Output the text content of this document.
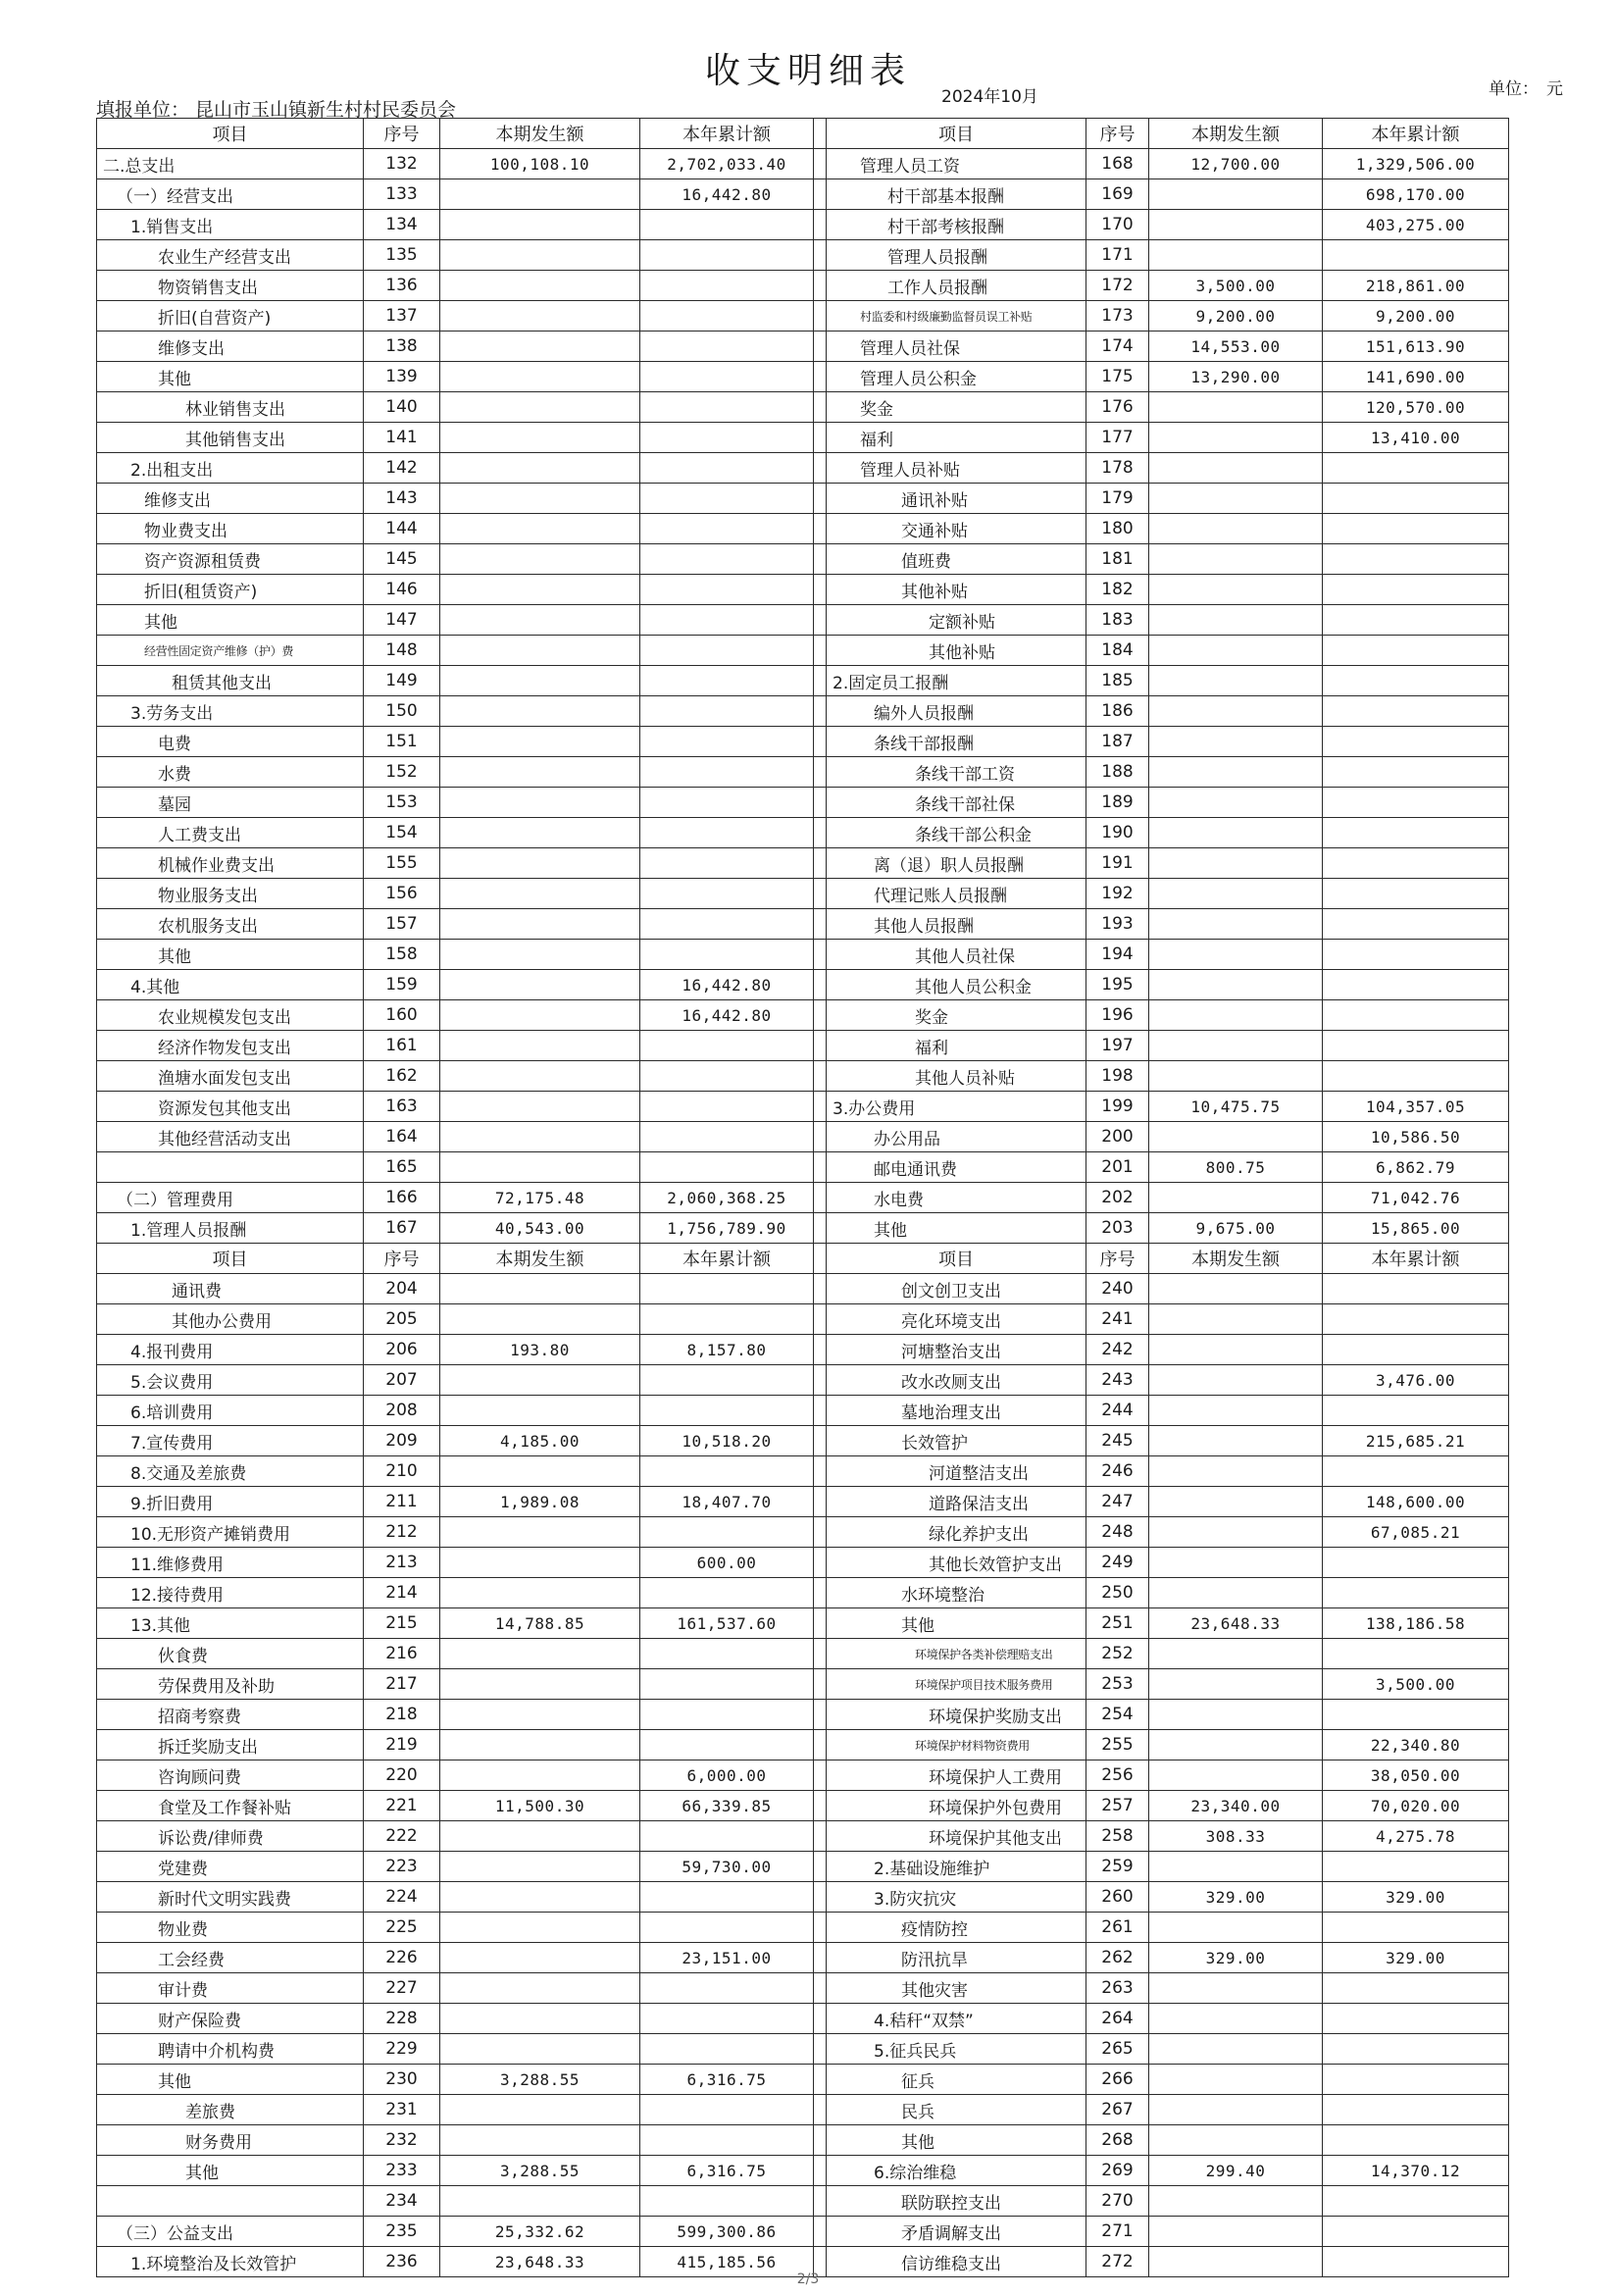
收支明细表
2024年10月	单位： 元
填报单位： 昆山市玉山镇新生村村民委员会
项目	序号	本期发生额	本年累计额		项目	序号	本期发生额	本年累计额
二.总支出	132	100,108.10	2,702,033.40		管理人员工资	168	12,700.00	1,329,506.00
（一）经营支出	133		16,442.80		村干部基本报酬	169		698,170.00
1.销售支出	134				村干部考核报酬	170		403,275.00
农业生产经营支出	135				管理人员报酬	171		
物资销售支出	136				工作人员报酬	172	3,500.00	218,861.00
折旧(自营资产)	137				村监委和村级廉勤监督员误工补贴	173	9,200.00	9,200.00
维修支出	138				管理人员社保	174	14,553.00	151,613.90
其他	139				管理人员公积金	175	13,290.00	141,690.00
林业销售支出	140				奖金	176		120,570.00
其他销售支出	141				福利	177		13,410.00
2.出租支出	142				管理人员补贴	178		
维修支出	143				通讯补贴	179		
物业费支出	144				交通补贴	180		
资产资源租赁费	145				值班费	181		
折旧(租赁资产)	146				其他补贴	182		
其他	147				定额补贴	183		
经营性固定资产维修（护）费	148				其他补贴	184		
租赁其他支出	149				2.固定员工报酬	185		
3.劳务支出	150				编外人员报酬	186		
电费	151				条线干部报酬	187		
水费	152				条线干部工资	188		
墓园	153				条线干部社保	189		
人工费支出	154				条线干部公积金	190		
机械作业费支出	155				离（退）职人员报酬	191		
物业服务支出	156				代理记账人员报酬	192		
农机服务支出	157				其他人员报酬	193		
其他	158				其他人员社保	194		
4.其他	159		16,442.80		其他人员公积金	195		
农业规模发包支出	160		16,442.80		奖金	196		
经济作物发包支出	161				福利	197		
渔塘水面发包支出	162				其他人员补贴	198		
资源发包其他支出	163				3.办公费用	199	10,475.75	104,357.05
其他经营活动支出	164				办公用品	200		10,586.50
	165				邮电通讯费	201	800.75	6,862.79
（二）管理费用	166	72,175.48	2,060,368.25		水电费	202		71,042.76
1.管理人员报酬	167	40,543.00	1,756,789.90		其他	203	9,675.00	15,865.00
项目	序号	本期发生额	本年累计额		项目	序号	本期发生额	本年累计额
通讯费	204				创文创卫支出	240		
其他办公费用	205				亮化环境支出	241		
4.报刊费用	206	193.80	8,157.80		河塘整治支出	242		
5.会议费用	207				改水改厕支出	243		3,476.00
6.培训费用	208				墓地治理支出	244		
7.宣传费用	209	4,185.00	10,518.20		长效管护	245		215,685.21
8.交通及差旅费	210				河道整洁支出	246		
9.折旧费用	211	1,989.08	18,407.70		道路保洁支出	247		148,600.00
10.无形资产摊销费用	212				绿化养护支出	248		67,085.21
11.维修费用	213		600.00		其他长效管护支出	249		
12.接待费用	214				水环境整治	250		
13.其他	215	14,788.85	161,537.60		其他	251	23,648.33	138,186.58
伙食费	216				环境保护各类补偿理赔支出	252		
劳保费用及补助	217				环境保护项目技术服务费用	253		3,500.00
招商考察费	218				环境保护奖励支出	254		
拆迁奖励支出	219				环境保护材料物资费用	255		22,340.80
咨询顾问费	220		6,000.00		环境保护人工费用	256		38,050.00
食堂及工作餐补贴	221	11,500.30	66,339.85		环境保护外包费用	257	23,340.00	70,020.00
诉讼费/律师费	222				环境保护其他支出	258	308.33	4,275.78
党建费	223		59,730.00		2.基础设施维护	259		
新时代文明实践费	224				3.防灾抗灾	260	329.00	329.00
物业费	225				疫情防控	261		
工会经费	226		23,151.00		防汛抗旱	262	329.00	329.00
审计费	227				其他灾害	263		
财产保险费	228				4.秸秆“双禁”	264		
聘请中介机构费	229				5.征兵民兵	265		
其他	230	3,288.55	6,316.75		征兵	266		
差旅费	231				民兵	267		
财务费用	232				其他	268		
其他	233	3,288.55	6,316.75		6.综治维稳	269	299.40	14,370.12
	234				联防联控支出	270		
（三）公益支出	235	25,332.62	599,300.86		矛盾调解支出	271		
1.环境整治及长效管护	236	23,648.33	415,185.56		信访维稳支出	272		
2/3
